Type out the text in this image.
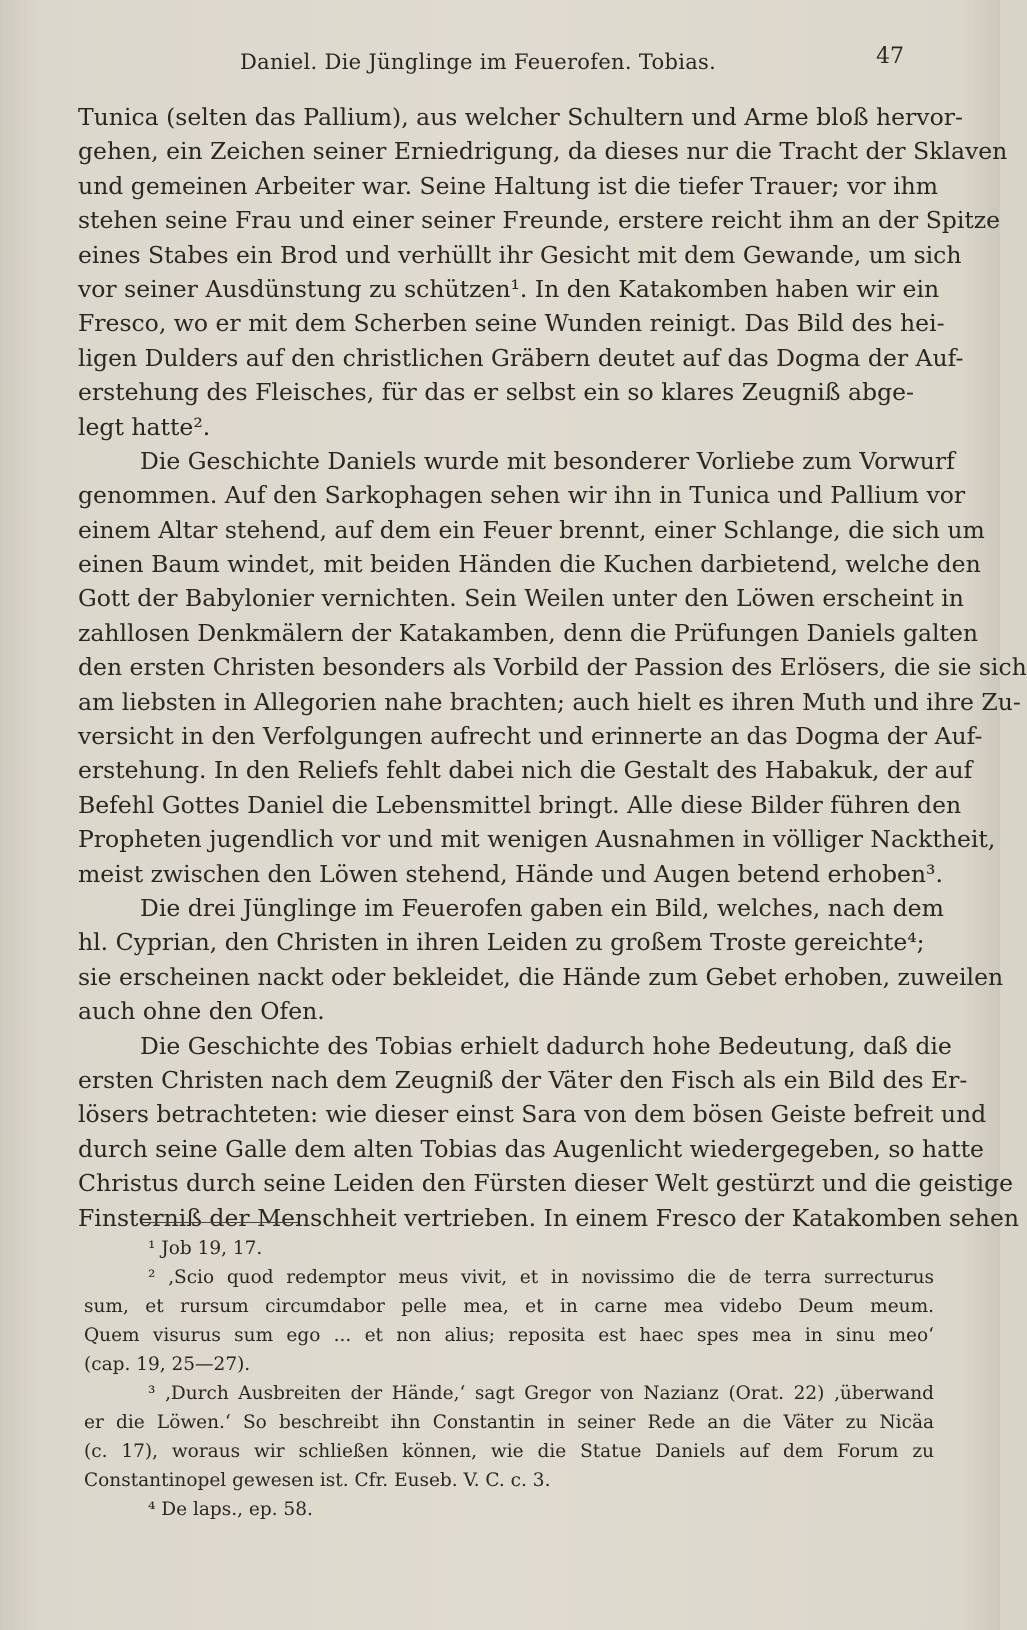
Daniel. Die Jünglinge im Feuerofen. Tobias.	47
Tunica (selten das Pallium), aus welcher Schultern und Arme bloß hervor-
gehen, ein Zeichen seiner Erniedrigung, da dieses nur die Tracht der Sklaven
und gemeinen Arbeiter war. Seine Haltung ist die tiefer Trauer; vor ihm
stehen seine Frau und einer seiner Freunde, erstere reicht ihm an der Spitze
eines Stabes ein Brod und verhüllt ihr Gesicht mit dem Gewande, um sich
vor seiner Ausdünstung zu schützen¹. In den Katakomben haben wir ein
Fresco, wo er mit dem Scherben seine Wunden reinigt. Das Bild des hei-
ligen Dulders auf den christlichen Gräbern deutet auf das Dogma der Auf-
erstehung des Fleisches, für das er selbst ein so klares Zeugniß abge-
legt hatte².
Die Geschichte Daniels wurde mit besonderer Vorliebe zum Vorwurf
genommen. Auf den Sarkophagen sehen wir ihn in Tunica und Pallium vor
einem Altar stehend, auf dem ein Feuer brennt, einer Schlange, die sich um
einen Baum windet, mit beiden Händen die Kuchen darbietend, welche den
Gott der Babylonier vernichten. Sein Weilen unter den Löwen erscheint in
zahllosen Denkmälern der Katakamben, denn die Prüfungen Daniels galten
den ersten Christen besonders als Vorbild der Passion des Erlösers, die sie sich
am liebsten in Allegorien nahe brachten; auch hielt es ihren Muth und ihre Zu-
versicht in den Verfolgungen aufrecht und erinnerte an das Dogma der Auf-
erstehung. In den Reliefs fehlt dabei nich die Gestalt des Habakuk, der auf
Befehl Gottes Daniel die Lebensmittel bringt. Alle diese Bilder führen den
Propheten jugendlich vor und mit wenigen Ausnahmen in völliger Nacktheit,
meist zwischen den Löwen stehend, Hände und Augen betend erhoben³.
Die drei Jünglinge im Feuerofen gaben ein Bild, welches, nach dem
hl. Cyprian, den Christen in ihren Leiden zu großem Troste gereichte⁴;
sie erscheinen nackt oder bekleidet, die Hände zum Gebet erhoben, zuweilen
auch ohne den Ofen.
Die Geschichte des Tobias erhielt dadurch hohe Bedeutung, daß die
ersten Christen nach dem Zeugniß der Väter den Fisch als ein Bild des Er-
lösers betrachteten: wie dieser einst Sara von dem bösen Geiste befreit und
durch seine Galle dem alten Tobias das Augenlicht wiedergegeben, so hatte
Christus durch seine Leiden den Fürsten dieser Welt gestürzt und die geistige
Finsterniß der Menschheit vertrieben. In einem Fresco der Katakomben sehen
¹ Job 19, 17.
² ‚Scio quod redemptor meus vivit, et in novissimo die de terra surrecturus
sum, et rursum circumdabor pelle mea, et in carne mea videbo Deum meum.
Quem visurus sum ego ... et non alius; reposita est haec spes mea in sinu meo‘
(cap. 19, 25—27).
³ ‚Durch Ausbreiten der Hände,‘ sagt Gregor von Nazianz (Orat. 22) ‚überwand
er die Löwen.‘ So beschreibt ihn Constantin in seiner Rede an die Väter zu Nicäa
(c. 17), woraus wir schließen können, wie die Statue Daniels auf dem Forum zu
Constantinopel gewesen ist. Cfr. Euseb. V. C. c. 3.
⁴ De laps., ep. 58.
